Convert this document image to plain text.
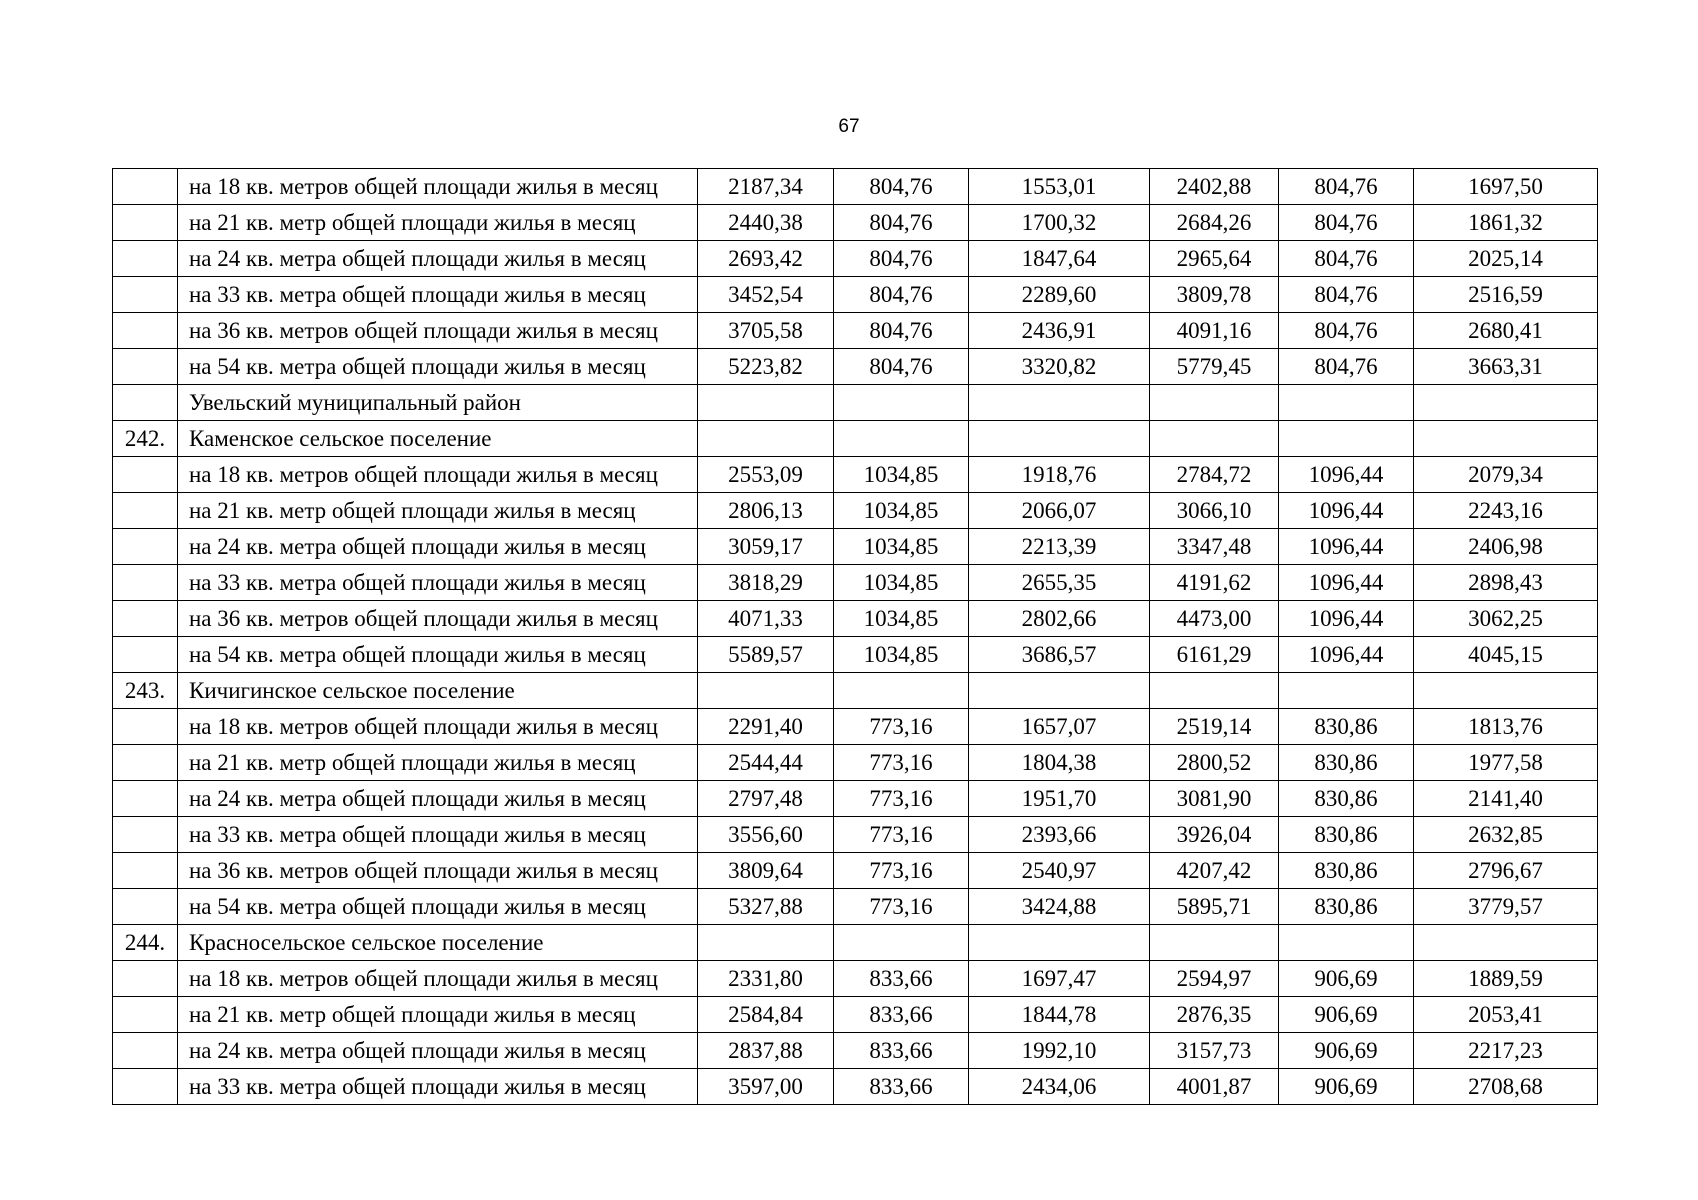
67
	на 18 кв. метров общей площади жилья в месяц	2187,34	804,76	1553,01	2402,88	804,76	1697,50
	на 21 кв. метр общей площади жилья в месяц	2440,38	804,76	1700,32	2684,26	804,76	1861,32
	на 24 кв. метра общей площади жилья в месяц	2693,42	804,76	1847,64	2965,64	804,76	2025,14
	на 33 кв. метра общей площади жилья в месяц	3452,54	804,76	2289,60	3809,78	804,76	2516,59
	на 36 кв. метров общей площади жилья в месяц	3705,58	804,76	2436,91	4091,16	804,76	2680,41
	на 54 кв. метра общей площади жилья в месяц	5223,82	804,76	3320,82	5779,45	804,76	3663,31
	Увельский муниципальный район						
242.	Каменское сельское поселение						
	на 18 кв. метров общей площади жилья в месяц	2553,09	1034,85	1918,76	2784,72	1096,44	2079,34
	на 21 кв. метр общей площади жилья в месяц	2806,13	1034,85	2066,07	3066,10	1096,44	2243,16
	на 24 кв. метра общей площади жилья в месяц	3059,17	1034,85	2213,39	3347,48	1096,44	2406,98
	на 33 кв. метра общей площади жилья в месяц	3818,29	1034,85	2655,35	4191,62	1096,44	2898,43
	на 36 кв. метров общей площади жилья в месяц	4071,33	1034,85	2802,66	4473,00	1096,44	3062,25
	на 54 кв. метра общей площади жилья в месяц	5589,57	1034,85	3686,57	6161,29	1096,44	4045,15
243.	Кичигинское сельское поселение						
	на 18 кв. метров общей площади жилья в месяц	2291,40	773,16	1657,07	2519,14	830,86	1813,76
	на 21 кв. метр общей площади жилья в месяц	2544,44	773,16	1804,38	2800,52	830,86	1977,58
	на 24 кв. метра общей площади жилья в месяц	2797,48	773,16	1951,70	3081,90	830,86	2141,40
	на 33 кв. метра общей площади жилья в месяц	3556,60	773,16	2393,66	3926,04	830,86	2632,85
	на 36 кв. метров общей площади жилья в месяц	3809,64	773,16	2540,97	4207,42	830,86	2796,67
	на 54 кв. метра общей площади жилья в месяц	5327,88	773,16	3424,88	5895,71	830,86	3779,57
244.	Красносельское сельское поселение						
	на 18 кв. метров общей площади жилья в месяц	2331,80	833,66	1697,47	2594,97	906,69	1889,59
	на 21 кв. метр общей площади жилья в месяц	2584,84	833,66	1844,78	2876,35	906,69	2053,41
	на 24 кв. метра общей площади жилья в месяц	2837,88	833,66	1992,10	3157,73	906,69	2217,23
	на 33 кв. метра общей площади жилья в месяц	3597,00	833,66	2434,06	4001,87	906,69	2708,68
